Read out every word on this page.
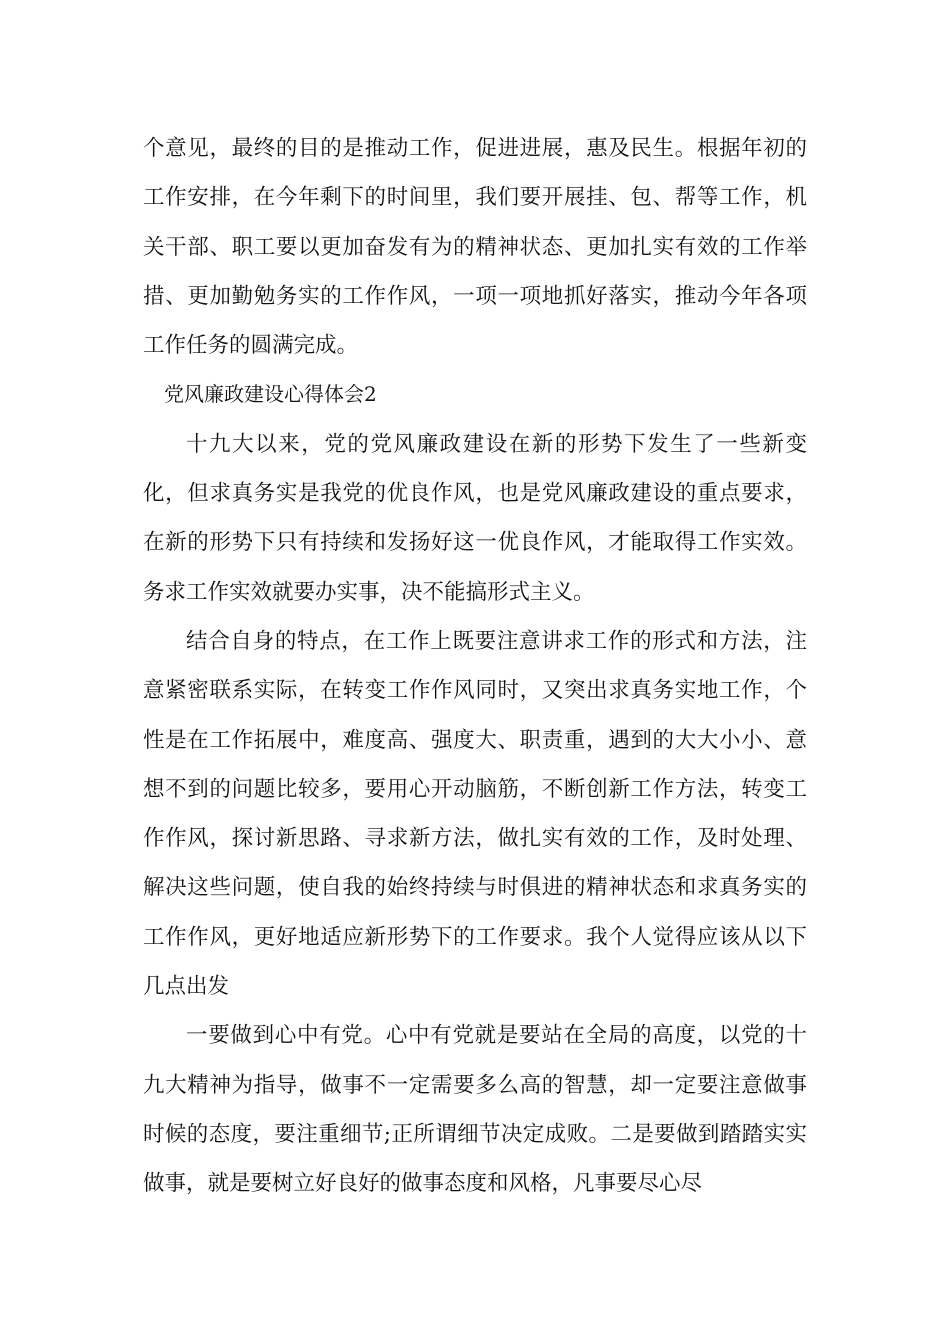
个意见，最终的目的是推动工作，促进进展，惠及民生。根据年初的工作安排，在今年剩下的时间里，我们要开展挂、包、帮等工作，机关干部、职工要以更加奋发有为的精神状态、更加扎实有效的工作举措、更加勤勉务实的工作作风，一项一项地抓好落实，推动今年各项工作任务的圆满完成。

党风廉政建设心得体会2

十九大以来，党的党风廉政建设在新的形势下发生了一些新变化，但求真务实是我党的优良作风，也是党风廉政建设的重点要求，在新的形势下只有持续和发扬好这一优良作风，才能取得工作实效。务求工作实效就要办实事，决不能搞形式主义。

结合自身的特点，在工作上既要注意讲求工作的形式和方法，注意紧密联系实际，在转变工作作风同时，又突出求真务实地工作，个性是在工作拓展中，难度高、强度大、职责重，遇到的大大小小、意想不到的问题比较多，要用心开动脑筋，不断创新工作方法，转变工作作风，探讨新思路、寻求新方法，做扎实有效的工作，及时处理、解决这些问题，使自我的始终持续与时俱进的精神状态和求真务实的工作作风，更好地适应新形势下的工作要求。我个人觉得应该从以下几点出发

一要做到心中有党。心中有党就是要站在全局的高度，以党的十九大精神为指导，做事不一定需要多么高的智慧，却一定要注意做事时候的态度，要注重细节;正所谓细节决定成败。二是要做到踏踏实实做事，就是要树立好良好的做事态度和风格，凡事要尽心尽
